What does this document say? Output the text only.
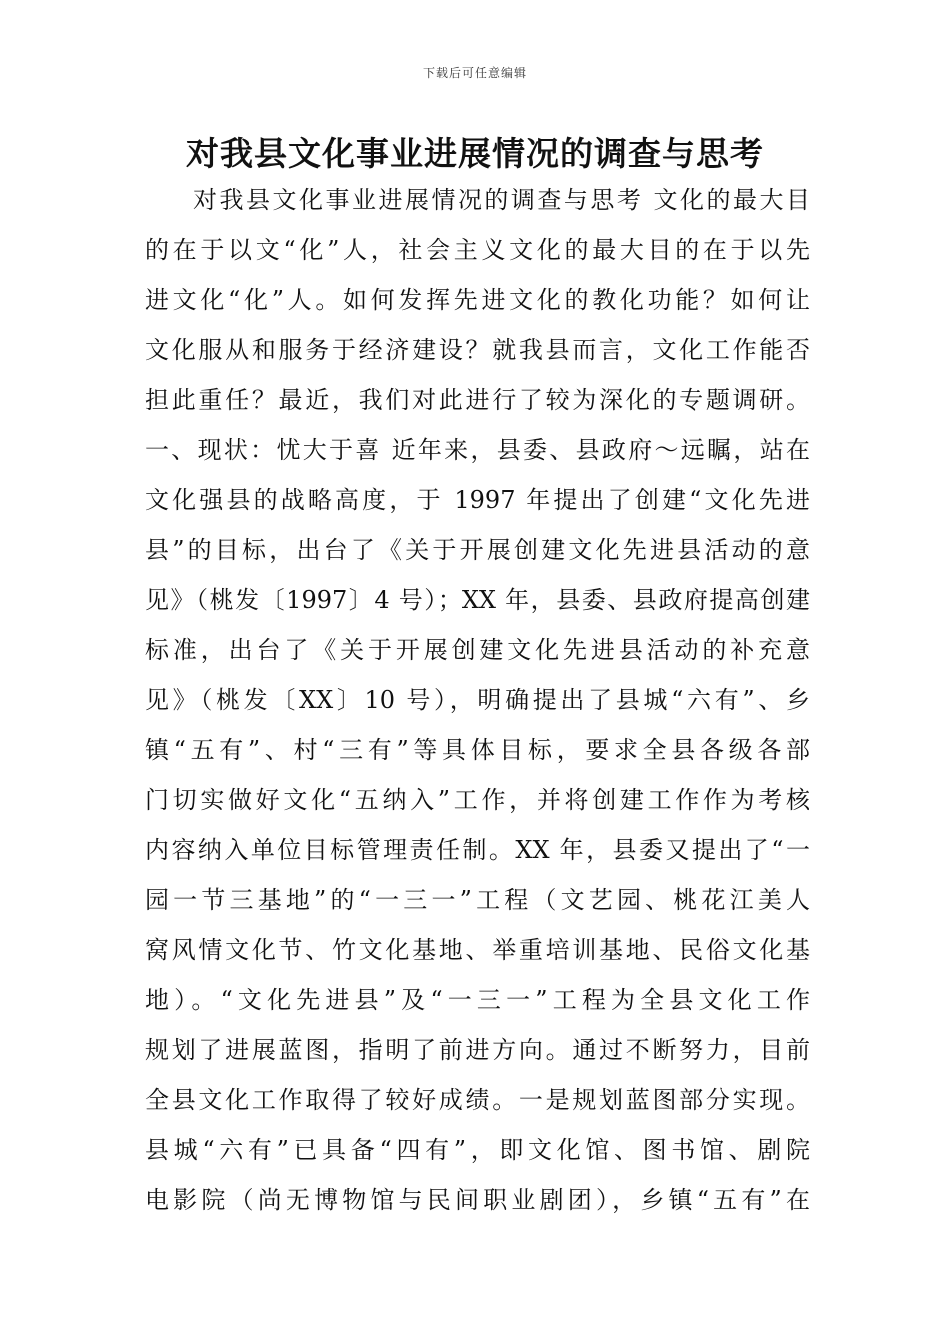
下载后可任意编辑
对我县文化事业进展情况的调查与思考
对我县文化事业进展情况的调查与思考 文化的最大目
的在于以文“化”人，社会主义文化的最大目的在于以先
进文化“化”人。如何发挥先进文化的教化功能？如何让
文化服从和服务于经济建设？就我县而言，文化工作能否
担此重任？最近，我们对此进行了较为深化的专题调研。
一、现状：忧大于喜 近年来，县委、县政府～远瞩，站在
文化强县的战略高度，于 1997 年提出了创建“文化先进
县”的目标，出台了《关于开展创建文化先进县活动的意
见》（桃发〔1997〕4 号）；XX 年，县委、县政府提高创建
标准，出台了《关于开展创建文化先进县活动的补充意
见》（桃发〔XX〕10 号），明确提出了县城“六有”、乡
镇“五有”、村“三有”等具体目标，要求全县各级各部
门切实做好文化“五纳入”工作，并将创建工作作为考核
内容纳入单位目标管理责任制。XX 年，县委又提出了“一
园一节三基地”的“一三一”工程（文艺园、桃花江美人
窝风情文化节、竹文化基地、举重培训基地、民俗文化基
地）。“文化先进县”及“一三一”工程为全县文化工作
规划了进展蓝图，指明了前进方向。通过不断努力，目前
全县文化工作取得了较好成绩。一是规划蓝图部分实现。
县城“六有”已具备“四有”，即文化馆、图书馆、剧院
电影院（尚无博物馆与民间职业剧团），乡镇“五有”在
